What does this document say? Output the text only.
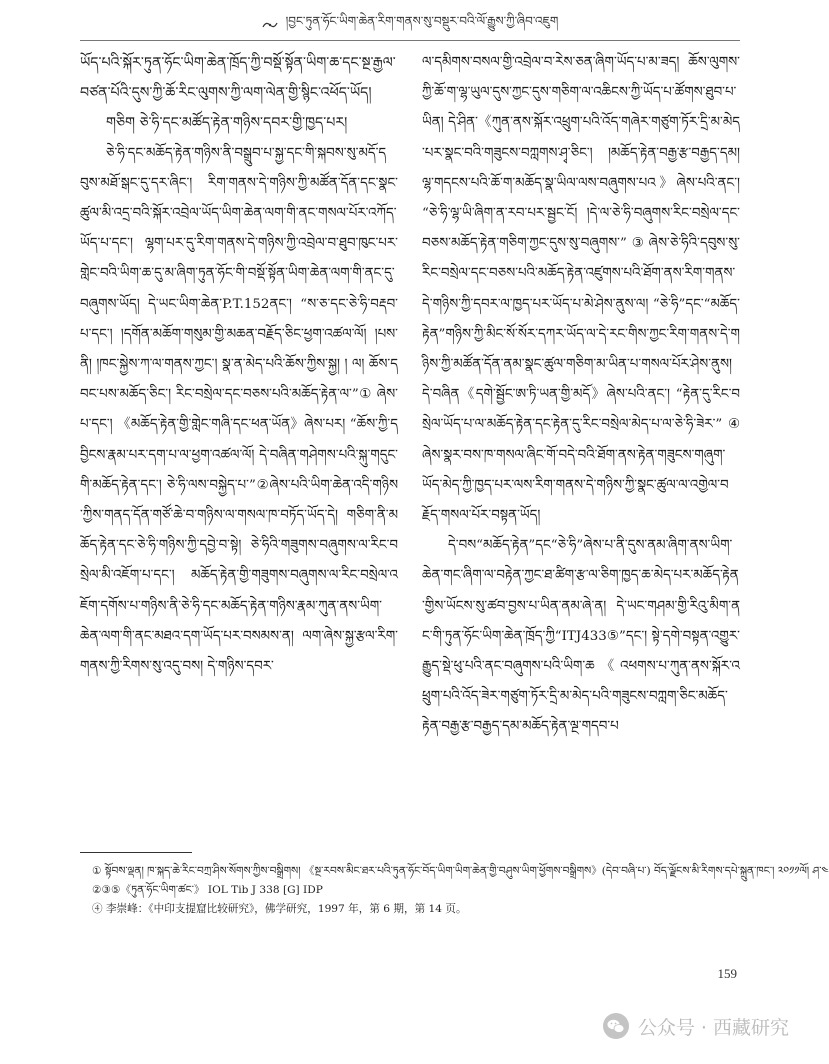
།བྱང་ཏུན་ཧོང་ཡིག་ཆེན་རིག་གནས་སུ་བསྡུར་བའི་ལོ་རྒྱུས་ཀྱི་ཞིབ་འཇུག

ཡོད་པའི་སྐོར་ཏུན་ཧོང་ཡིག་ཆེན་ཁྲོད་ཀྱི་བསྡོ་སྟོན་ཡིག་ཆ་དང་སྔ་རྒྱལ་བཙན་པོའི་དུས་ཀྱི་ཆོ་རིང་ལུགས་ཀྱི་ལག་ལེན་གྱི་སྙིང་འཕོད་ཡོད།

གཅིག ཅེ་ཧི་དང་མཚོད་རྟེན་གཉིས་དབར་གྱི་ཁྱད་པར།

ཅེ་ཧི་དང་མཆོད་རྟེན་གཉིས་ནི་བསྒྲུབ་པ་སྐྱ་དང་གི་སྐབས་སུ་མདོ་དབུས་མཐོ་སྒང་དུ་དར་ཞིང་། རིག་གནས་དེ་གཉིས་ཀྱི་མཚོན་དོན་དང་སྣང་ཚུལ་མི་འདྲ་བའི་སྐོར་འབྲེལ་ཡོད་ཡིག་ཆེན་ལག་གི་ནང་གསལ་པོར་འཀོད་ཡོད་པ་དང་། ལྷག་པར་དུ་རིག་གནས་དེ་གཉིས་ཀྱི་འབྲེལ་བ་ཐུབ་ཁུང་པར་གླེང་བའི་ཡིག་ཆ་དུ་མ་ཞིག་ཏུན་ཧོང་གི་བསྡོ་སྟོན་ཡིག་ཆེན་ལག་གི་ནང་དུ་བཞུགས་ཡོད། དེ་ཡང་ཡིག་ཆེན་P.T.152ནང་། “ས་ཅ་དང་ཅེ་ཧི་བརྡབ་པ་དང་། །དགོན་མཆོག་གསུམ་གྱི་མཆན་བརྗོད་ཅིང་ཕྱག་འཚལ་ལོ། །པས་ནི། །ཁང་སྐྱེས་ཀ་ལ་གནས་ཀྱང་། སྣ་ན་མེད་པའི་ཆོས་ཀྱིས་སྐྱ། ། ལ། ཆོས་དབང་པས་མཆོད་ཅིང་། རིང་བསྲེལ་དང་བཅས་པའི་མཆོད་རྟེན་ལ་”① ཞེས་པ་དང་། 《མཆོད་རྟེན་གྱི་གླེང་གཞི་དང་ཕན་ཡོན》ཞེས་པར། “ཆོས་ཀྱི་དབྱིངས་རྣམ་པར་དག་པ་ལ་ཕྱག་འཚལ་ལོ། དེ་བཞིན་གཤེགས་པའི་སྐུ་གདུང་གི་མཆོད་རྟེན་དང་། ཅེ་ཧི་ལས་བསྐྱེད་པ་”②ཞེས་པའི་ཡིག་ཆེན་འདི་གཉིས་ཀྱིས་གནད་དོན་གཙོ་ཆེ་བ་གཉིས་ལ་གསལ་ཁ་བཏོད་ཡོད་དེ། གཅིག་ནི་མཆོད་རྟེན་དང་ཅེ་ཧི་གཉིས་ཀྱི་དབྱེ་བ་སྟེ། ཅེ་ཧིའི་གཟུགས་བཞུགས་ལ་རིང་བསྲེལ་མི་འཇོག་པ་དང་། མཆོད་རྟེན་གྱི་གཟུགས་བཞུགས་ལ་རིང་བསྲེལ་འཇོག་དགོས་པ་གཉིས་ནི་ཅེ་ཧི་དང་མཆོད་རྟེན་གཉིས་རྣམ་ཀུན་ནས་ཡིག་ཆེན་ལག་གི་ནང་མཐའ་དག་ཡོད་པར་བསམས་ན། ལག་ཞེས་སྐྱ་རྩལ་རིག་གནས་ཀྱི་རིགས་སུ་འདུ་བས། དེ་གཉིས་དབར་

ལ་དམིགས་བསལ་གྱི་འབྲེལ་བ་རེས་ཅན་ཞིག་ཡོད་པ་མ་ཟད། ཆོས་ལུགས་ཀྱི་ཆོ་ག་ལྷ་ཡུལ་དུས་ཀྱང་དུས་གཅིག་ལ་འཆིངས་ཀྱི་ཡོད་པ་ཚོགས་ཐུབ་པ་ཡིན། དེ་ཤིན་《ཀུན་ནས་སྐོར་འཕྲུག་པའི་འོད་གཞེར་གཙུག་ཏོར་དྲི་མ་མེད་པར་སྣང་བའི་གཟུངས་བཀླགས་ཤྭ་ཅིང་། །མཆོད་རྟེན་བརྒྱ་རྩ་བརྒྱད་དམ། ལྷ་གདངས་པའི་ཆོ་ག་མཆོད་སྣ་ཡིལ་ལས་བཞུགས་པའ》ཞེས་པའི་ནང་། “ཅེ་ཧི་ལྷ་ཡི་ཞིག་ན་རབ་པར་སྦྱང་ངོ། །དེ་ལ་ཅེ་ཧི་བཞུགས་རིང་བསྲེལ་དང་བཅས་མཆོད་རྟེན་གཅིག་ཀྱང་དུས་སུ་བཞུགས་”③ཞེས་ཅེ་ཧིའི་དབུས་སུ་རིང་བསྲེལ་དང་བཅས་པའི་མཆོད་རྟེན་འཛུགས་པའི་ཐོག་ནས་རིག་གནས་དེ་གཉིས་ཀྱི་དབར་ལ་ཁྱད་པར་ཡོད་པ་མེ་ཤེས་ནུས་ལ། “ཅེ་ཧི”དང་“མཆོད་རྟེན”གཉིས་ཀྱི་མིང་སོ་སོར་དཀར་ཡོད་ལ་དེ་རང་གིས་ཀྱང་རིག་གནས་དེ་གཉིས་ཀྱི་མཚོན་དོན་ནམ་སྣང་ཚུལ་གཅིག་མ་ཡིན་པ་གསལ་པོར་ཤེས་ནུས། དེ་བཞིན《དགེ་སྦྱོང་ཨ་ཏི་ཡན་གྱི་མདོ》ཞེས་པའི་ནང་། “རྟེན་དུ་རིང་བསྲེལ་ཡོད་པ་ལ་མཆོད་རྟེན་དང་རྟེན་དུ་རིང་བསྲེལ་མེད་པ་ལ་ཅེ་ཧི་ཟེར་”④ཞེས་སྣར་བས་ཁ་གསལ་ཞིང་གོ་བདེ་བའི་ཐོག་ནས་རྟེན་གཟུངས་གཞུག་ཡོད་མེད་ཀྱི་ཁྱད་པར་ལས་རིག་གནས་དེ་གཉིས་ཀྱི་སྣང་ཚུལ་ལ་འགྱེལ་བརྗོད་གསལ་པོར་བསྟན་ཡོད།

དེ་བས“མཆོད་རྟེན”དང“ཅེ་ཧི”ཞེས་པ་ནི་དུས་ནམ་ཞིག་ནས་ཡིག་ཆེན་གང་ཞིག་ལ་བརྟེན་ཀྱང་ཐ་ཚིག་རྩ་ལ་ཅིག་ཁྱད་ཆ་མེད་པར་མཆོད་རྟེན་གྱིས་ཡོངས་སུ་ཚབ་བྱས་པ་ཡིན་ནམ་ཞེ་ན། དེ་ཡང་གཤམ་གྱི་རིའུ་མིག་ནང་གི་ཏུན་ཧོང་ཡིག་ཆེན་ཁྲོད་ཀྱི“ITJ433⑤”དང་། སྟེ་དགེ་བསྟན་འགྱུར་རྒྱུད་སྡེ་ཕུ་པའི་ནང་བཞུགས་པའི་ཡིག་ཆ《འཕགས་པ་ཀུན་ནས་སྐོར་འཕྲུག་པའི་འོད་ཟེར་གཙུག་ཏོར་དྲི་མ་མེད་པའི་གཟུངས་བཀླག་ཅིང་མཆོད་རྟེན་བརྒྱ་རྩ་བརྒྱད་དམ་མཆོད་རྟེན་ལྔ་གདབ་པ

① སྟོབས་ལྡན། ཁ་སྐད་ཆེ་རིང་བཀྲ་ཤིས་སོགས་ཀྱིས་བསྒྲིགས། 《སྔ་རབས་མིང་ཐར་པའི་ཏུན་ཧོང་བོད་ཡིག་ཡིག་ཆེན་གྱི་བཤུས་ཡིག་ཕྱོགས་བསྒྲིགས》(དེབ་བཞི་པ་) བོད་ལྗོངས་མི་རིགས་དཔེ་སྐྲུན་ཁང་། ༢༠༡༡ལོ། ཤ་༤
②③⑤《ཏུན་ཧོང་ཡིག་ཚང་》 IOL Tib J 338 [G] IDP
④ 李崇峰：《中印支提窟比较研究》，佛学研究，1997 年，第 6 期，第 14 页。
159
公众号 · 西藏研究
